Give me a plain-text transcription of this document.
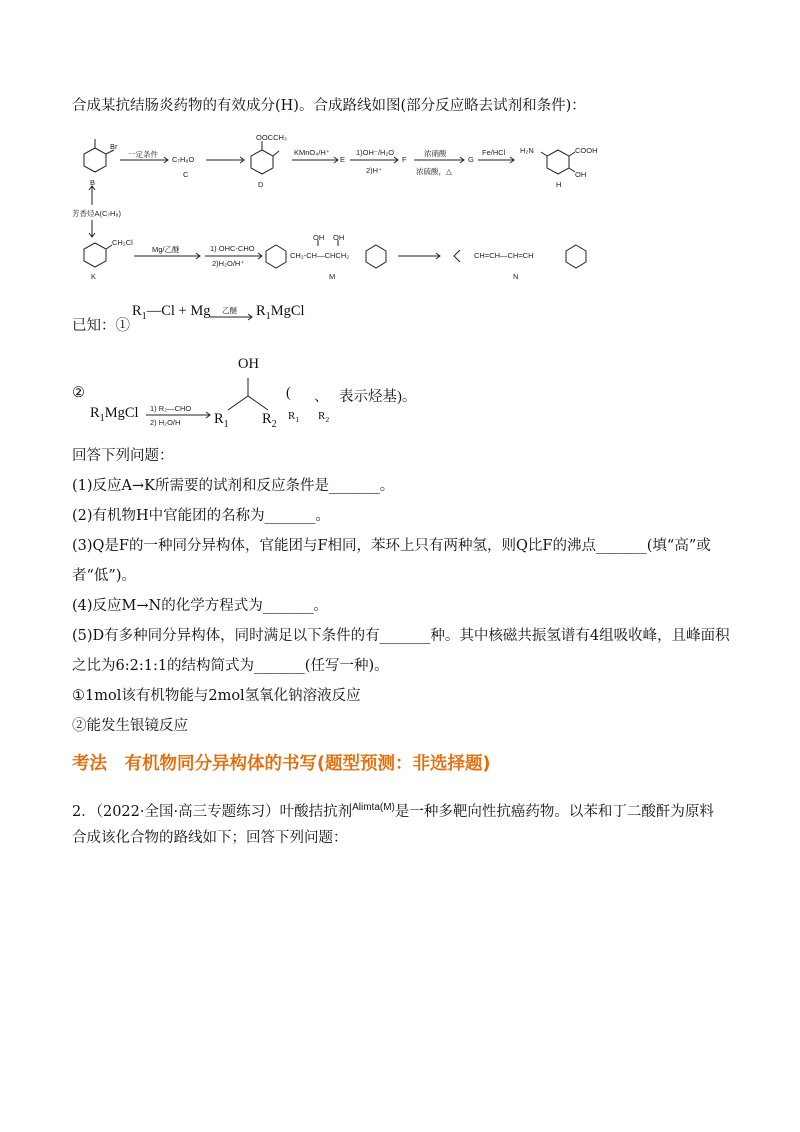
合成某抗结肠炎药物的有效成分(H)。合成路线如图(部分反应略去试剂和条件)：
Br
B
一定条件
C₇H₈O
C
OOCCH₃
D
KMnO₄/H⁺
E
1)OH⁻/H₂O
2)H⁺
F
浓硝酸
浓硫酸，△
G
Fe/HCl H₂N	COOH
OH
H
芳香烃A(C₇H₈)
CH₂Cl
K
Mg/乙醚	1) OHC-CHO
2)H₂O/H⁺
OH OH
CH₂-CH—CHCH₂
M
CH=CH—CH=CH
N
已知：①
$R_1—Cl + Mg$ 乙醚 $R_1MgCl$
②
$R_1MgCl$ 1) R₂—CHO
2) H₂O/H
OH
$R_1$ $R_2$
( 、 表示烃基)。
$R_1$ $R_2$
回答下列问题：
(1)反应A→K所需要的试剂和反应条件是_______。
(2)有机物H中官能团的名称为_______。
(3)Q是F的一种同分异构体，官能团与F相同，苯环上只有两种氢，则Q比F的沸点_______(填“高”或
者“低”)。
(4)反应M→N的化学方程式为_______。
(5)D有多种同分异构体，同时满足以下条件的有_______种。其中核磁共振氢谱有4组吸收峰，且峰面积
之比为6:2:1:1的结构简式为_______(任写一种)。
①1mol该有机物能与2mol氢氧化钠溶液反应
②能发生银镜反应
考法　有机物同分异构体的书写(题型预测：非选择题)
2．（2022·全国·高三专题练习）叶酸拮抗剂$^{Alimta(M)}$是一种多靶向性抗癌药物。以苯和丁二酸酐为原料
合成该化合物的路线如下；回答下列问题：
